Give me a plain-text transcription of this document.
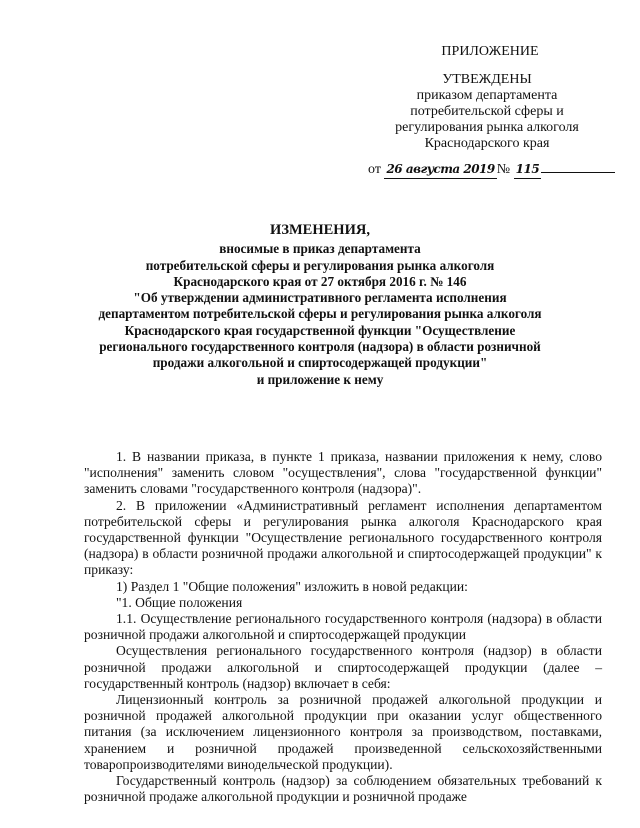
ПРИЛОЖЕНИЕ
УТВЕЖДЕНЫ
приказом департамента
потребительской сферы и
регулирования рынка алкоголя
Краснодарского края
от 26 августа 2019 № 115
ИЗМЕНЕНИЯ,
вносимые в приказ департамента
потребительской сферы и регулирования рынка алкоголя
Краснодарского края от 27 октября 2016 г. № 146
"Об утверждении административного регламента исполнения
департаментом потребительской сферы и регулирования рынка алкоголя
Краснодарского края государственной функции "Осуществление
регионального государственного контроля (надзора) в области розничной
продажи алкогольной и спиртосодержащей продукции"
и приложение к нему

1. В названии приказа, в пункте 1 приказа, названии приложения к нему, слово "исполнения" заменить словом "осуществления", слова "государственной функции" заменить словами "государственного контроля (надзора)".

2. В приложении «Административный регламент исполнения департаментом потребительской сферы и регулирования рынка алкоголя Краснодарского края государственной функции "Осуществление регионального государственного контроля (надзора) в области розничной продажи алкогольной и спиртосодержащей продукции" к приказу:

1) Раздел 1 "Общие положения" изложить в новой редакции:

"1. Общие положения

1.1. Осуществление регионального государственного контроля (надзора) в области розничной продажи алкогольной и спиртосодержащей продукции

Осуществления регионального государственного контроля (надзор) в области розничной продажи алкогольной и спиртосодержащей продукции (далее – государственный контроль (надзор) включает в себя:

Лицензионный контроль за розничной продажей алкогольной продукции и розничной продажей алкогольной продукции при оказании услуг общественного питания (за исключением лицензионного контроля за производством, поставками, хранением и розничной продажей произведенной сельскохозяйственными товаропроизводителями винодельческой продукции).

Государственный контроль (надзор) за соблюдением обязательных требований к розничной продаже алкогольной продукции и розничной продаже
